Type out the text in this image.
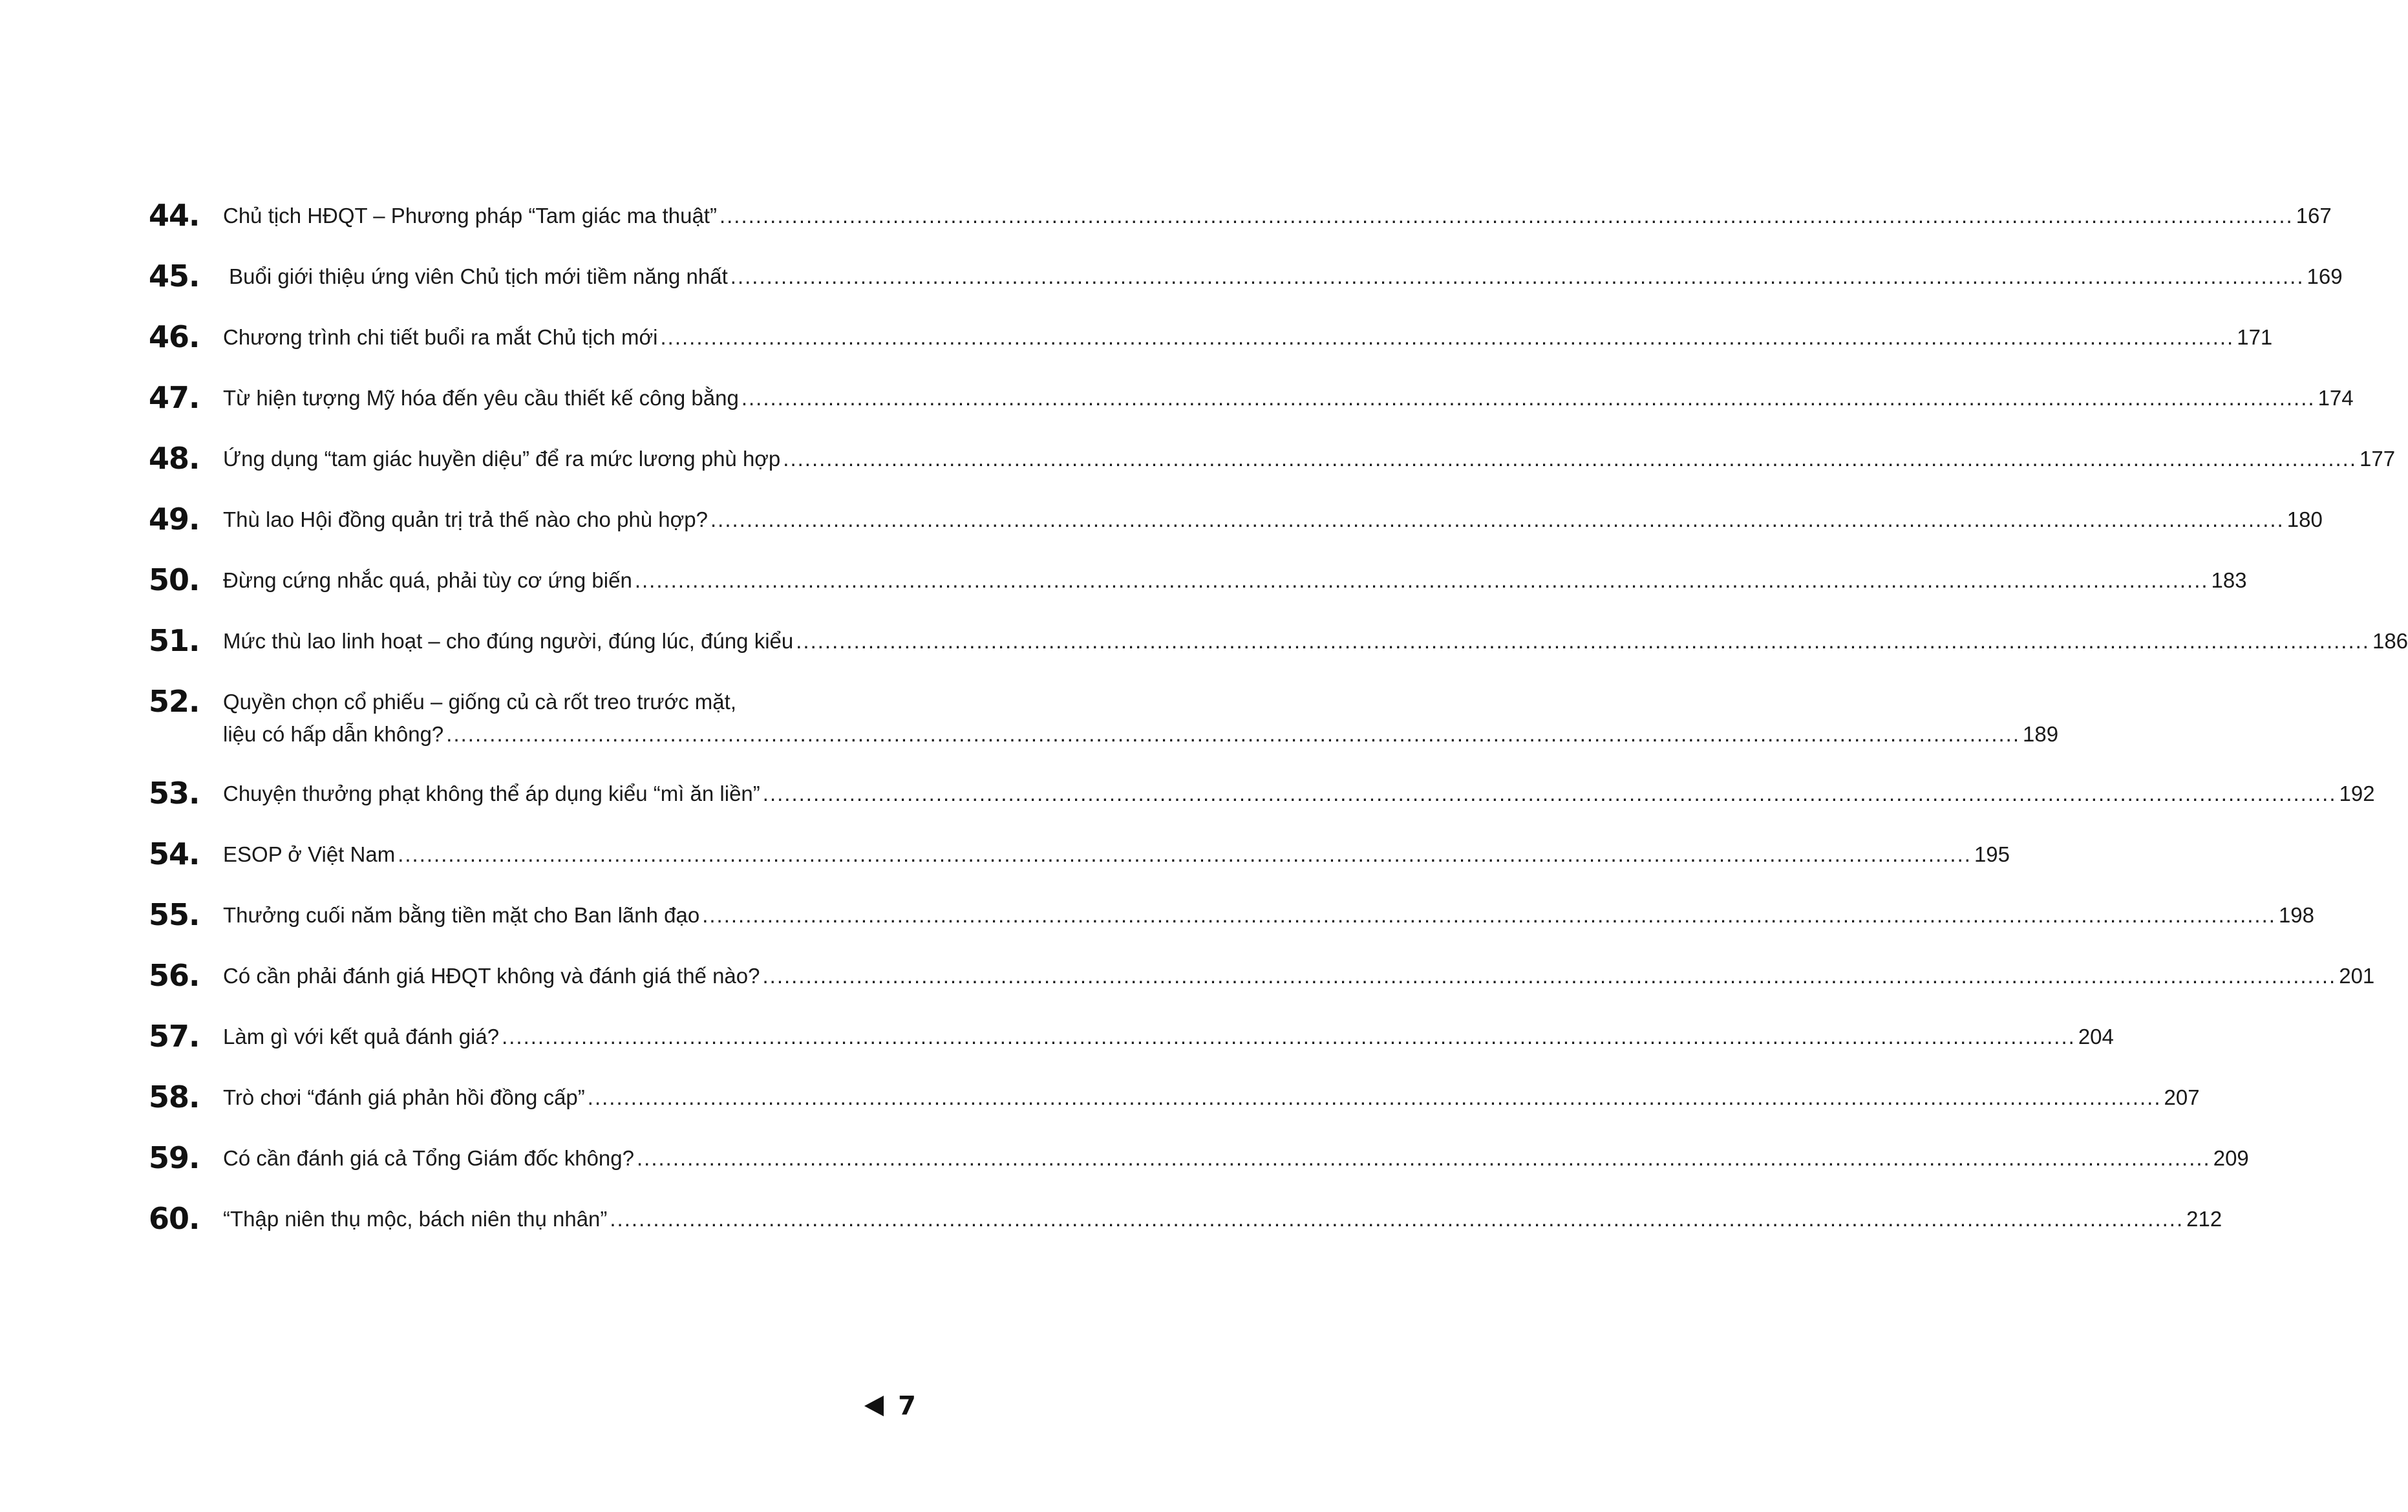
44.	Chủ tịch HĐQT – Phương pháp “Tam giác ma thuật” .....	167
45.	Buổi giới thiệu ứng viên Chủ tịch mới tiềm năng nhất .....	169
46.	Chương trình chi tiết buổi ra mắt Chủ tịch mới .....	171
47.	Từ hiện tượng Mỹ hóa đến yêu cầu thiết kế công bằng .....	174
48.	Ứng dụng “tam giác huyền diệu” để ra mức lương phù hợp .....	177
49.	Thù lao Hội đồng quản trị trả thế nào cho phù hợp? .....	180
50.	Đừng cứng nhắc quá, phải tùy cơ ứng biến .....	183
51.	Mức thù lao linh hoạt – cho đúng người, đúng lúc, đúng kiểu .....	186
52.	Quyền chọn cổ phiếu – giống củ cà rốt treo trước mặt,
liệu có hấp dẫn không? .....	189
53.	Chuyện thưởng phạt không thể áp dụng kiểu “mì ăn liền” .....	192
54.	ESOP ở Việt Nam .....	195
55.	Thưởng cuối năm bằng tiền mặt cho Ban lãnh đạo .....	198
56.	Có cần phải đánh giá HĐQT không và đánh giá thế nào? .....	201
57.	Làm gì với kết quả đánh giá? .....	204
58.	Trò chơi “đánh giá phản hồi đồng cấp” .....	207
59.	Có cần đánh giá cả Tổng Giám đốc không? .....	209
60.	“Thập niên thụ mộc, bách niên thụ nhân” .....	212
7
